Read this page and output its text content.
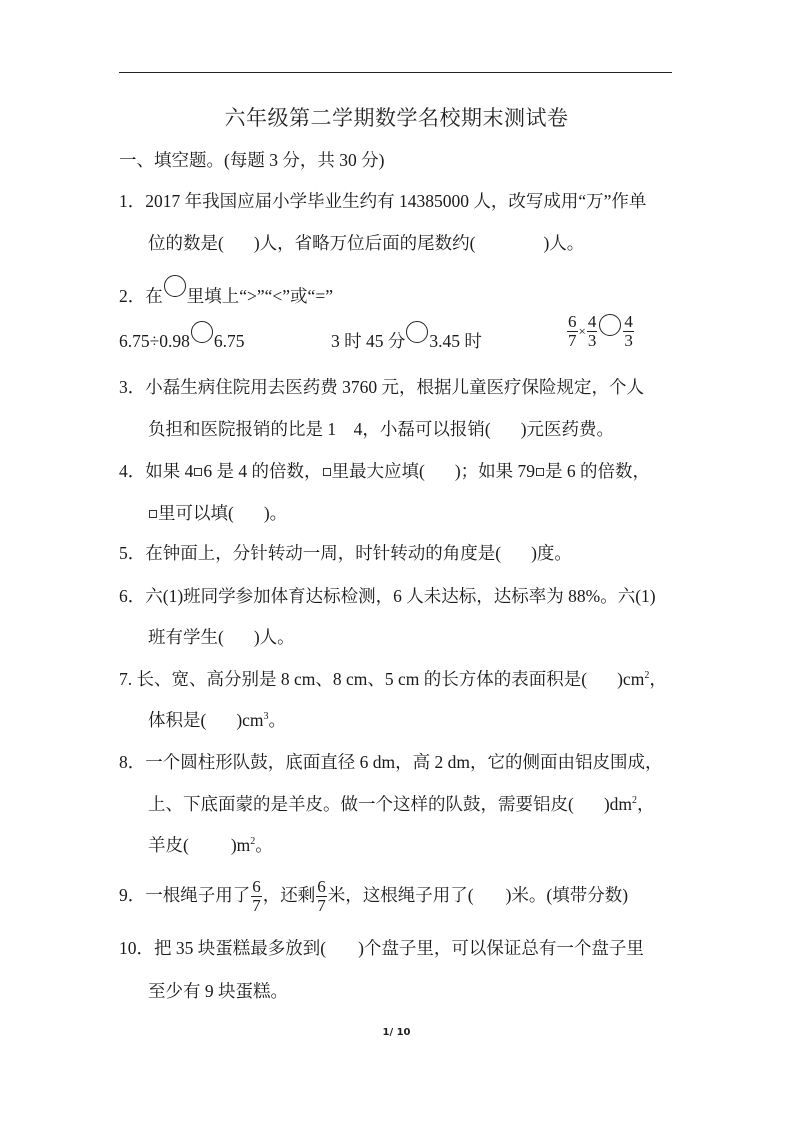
六年级第二学期数学名校期末测试卷
一、填空题。(每题 3 分，共 30 分)
1．2017 年我国应届小学毕业生约有 14385000 人，改写成用“万”作单
位的数是( )人，省略万位后面的尾数约(	)人。
2．在 里填上“>”“<”或“=”
6.75÷0.98 6.75	3 时 45 分 3.45 时	$\frac{6}{7} \times \frac{4}{3} \frac{4}{3}$
3．小磊生病住院用去医药费 3760 元，根据儿童医疗保险规定，个人
负担和医院报销的比是 1　4，小磊可以报销( )元医药费。
4．如果 4 6 是 4 的倍数， 里最大应填( )；如果 79 是 6 的倍数，
里可以填( )。
5．在钟面上，分针转动一周，时针转动的角度是( )度。
6．六(1)班同学参加体育达标检测，6 人未达标，达标率为 88%。六(1)
班有学生( )人。
7. 长、宽、高分别是 8 cm、8 cm、5 cm 的长方体的表面积是( )$cm^2$，
体积是( )$cm^3$。
8．一个圆柱形队鼓，底面直径 6 dm，高 2 dm，它的侧面由铝皮围成，
上、下底面蒙的是羊皮。做一个这样的队鼓，需要铝皮( )$dm^2$，
羊皮( )$m^2$。
9．一根绳子用了 $\frac{6}{7}$ ，还剩 $\frac{6}{7}$ 米，这根绳子用了( )米。(填带分数)
10．把 35 块蛋糕最多放到( )个盘子里，可以保证总有一个盘子里
至少有 9 块蛋糕。
1/ 10
